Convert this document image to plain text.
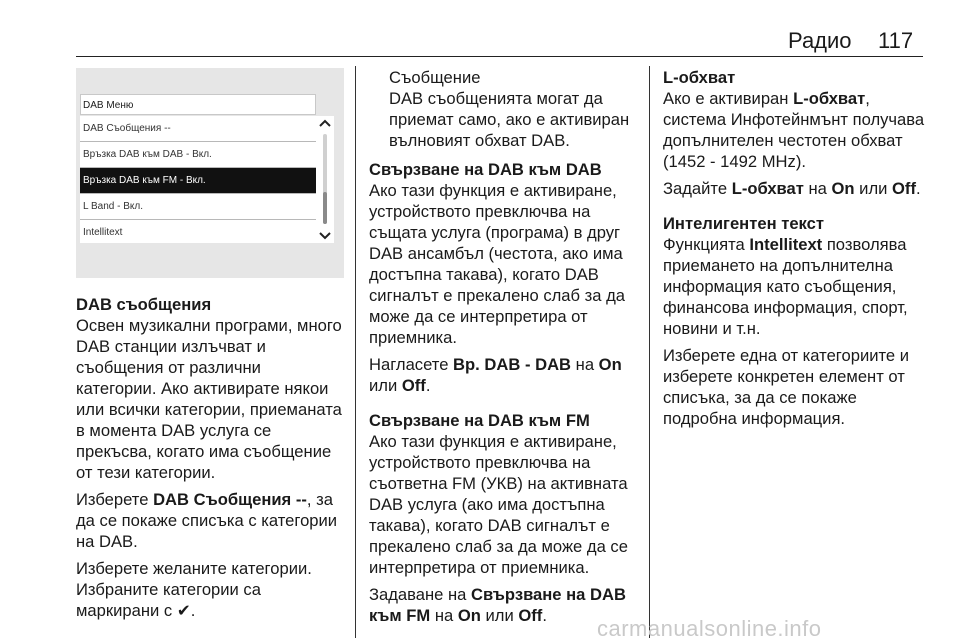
Радио 117
DAB Меню
DAB Съобщения --
Връзка DAB към DAB - Вкл.
Връзка DAB към FM - Вкл.
L Band - Вкл.
Intellitext
DAB съобщения

Освен музикални програми, много DAB станции излъчват и съобщения от различни категории. Ако активирате някои или всички категории, приеманата в момента DAB услуга се прекъсва, когато има съобщение от тези категории.

Изберете DAB Съобщения --, за да се покаже списъка с категории на DAB.

Изберете желаните категории. Избраните категории са маркирани с ✔.

Съобщение
DAB съобщенията могат да приемат само, ако е активиран вълновият обхват DAB.
Свързване на DAB към DAB

Ако тази функция е активиране, устройството превключва на същата услуга (програма) в друг DAB ансамбъл (честота, ако има достъпна такава), когато DAB сигналът е прекалено слаб за да може да се интерпретира от приемника.

Нагласете Вр. DAB - DAB на On или Off.

Свързване на DAB към FM

Ако тази функция е активиране, устройството превключва на съответна FM (УКВ) на активната DAB услуга (ако има достъпна такава), когато DAB сигналът е прекалено слаб за да може да се интерпретира от приемника.

Задаване на Свързване на DAB към FM на On или Off.

L-обхват

Ако е активиран L-обхват, система Инфотейнмънт получава допълнителен честотен обхват (1452 - 1492 MHz).

Задайте L-обхват на On или Off.

Интелигентен текст

Функцията Intellitext позволява приемането на допълнителна информация като съобщения, финансова информация, спорт, новини и т.н.

Изберете една от категориите и изберете конкретен елемент от списъка, за да се покаже подробна информация.

carmanualsonline.info
